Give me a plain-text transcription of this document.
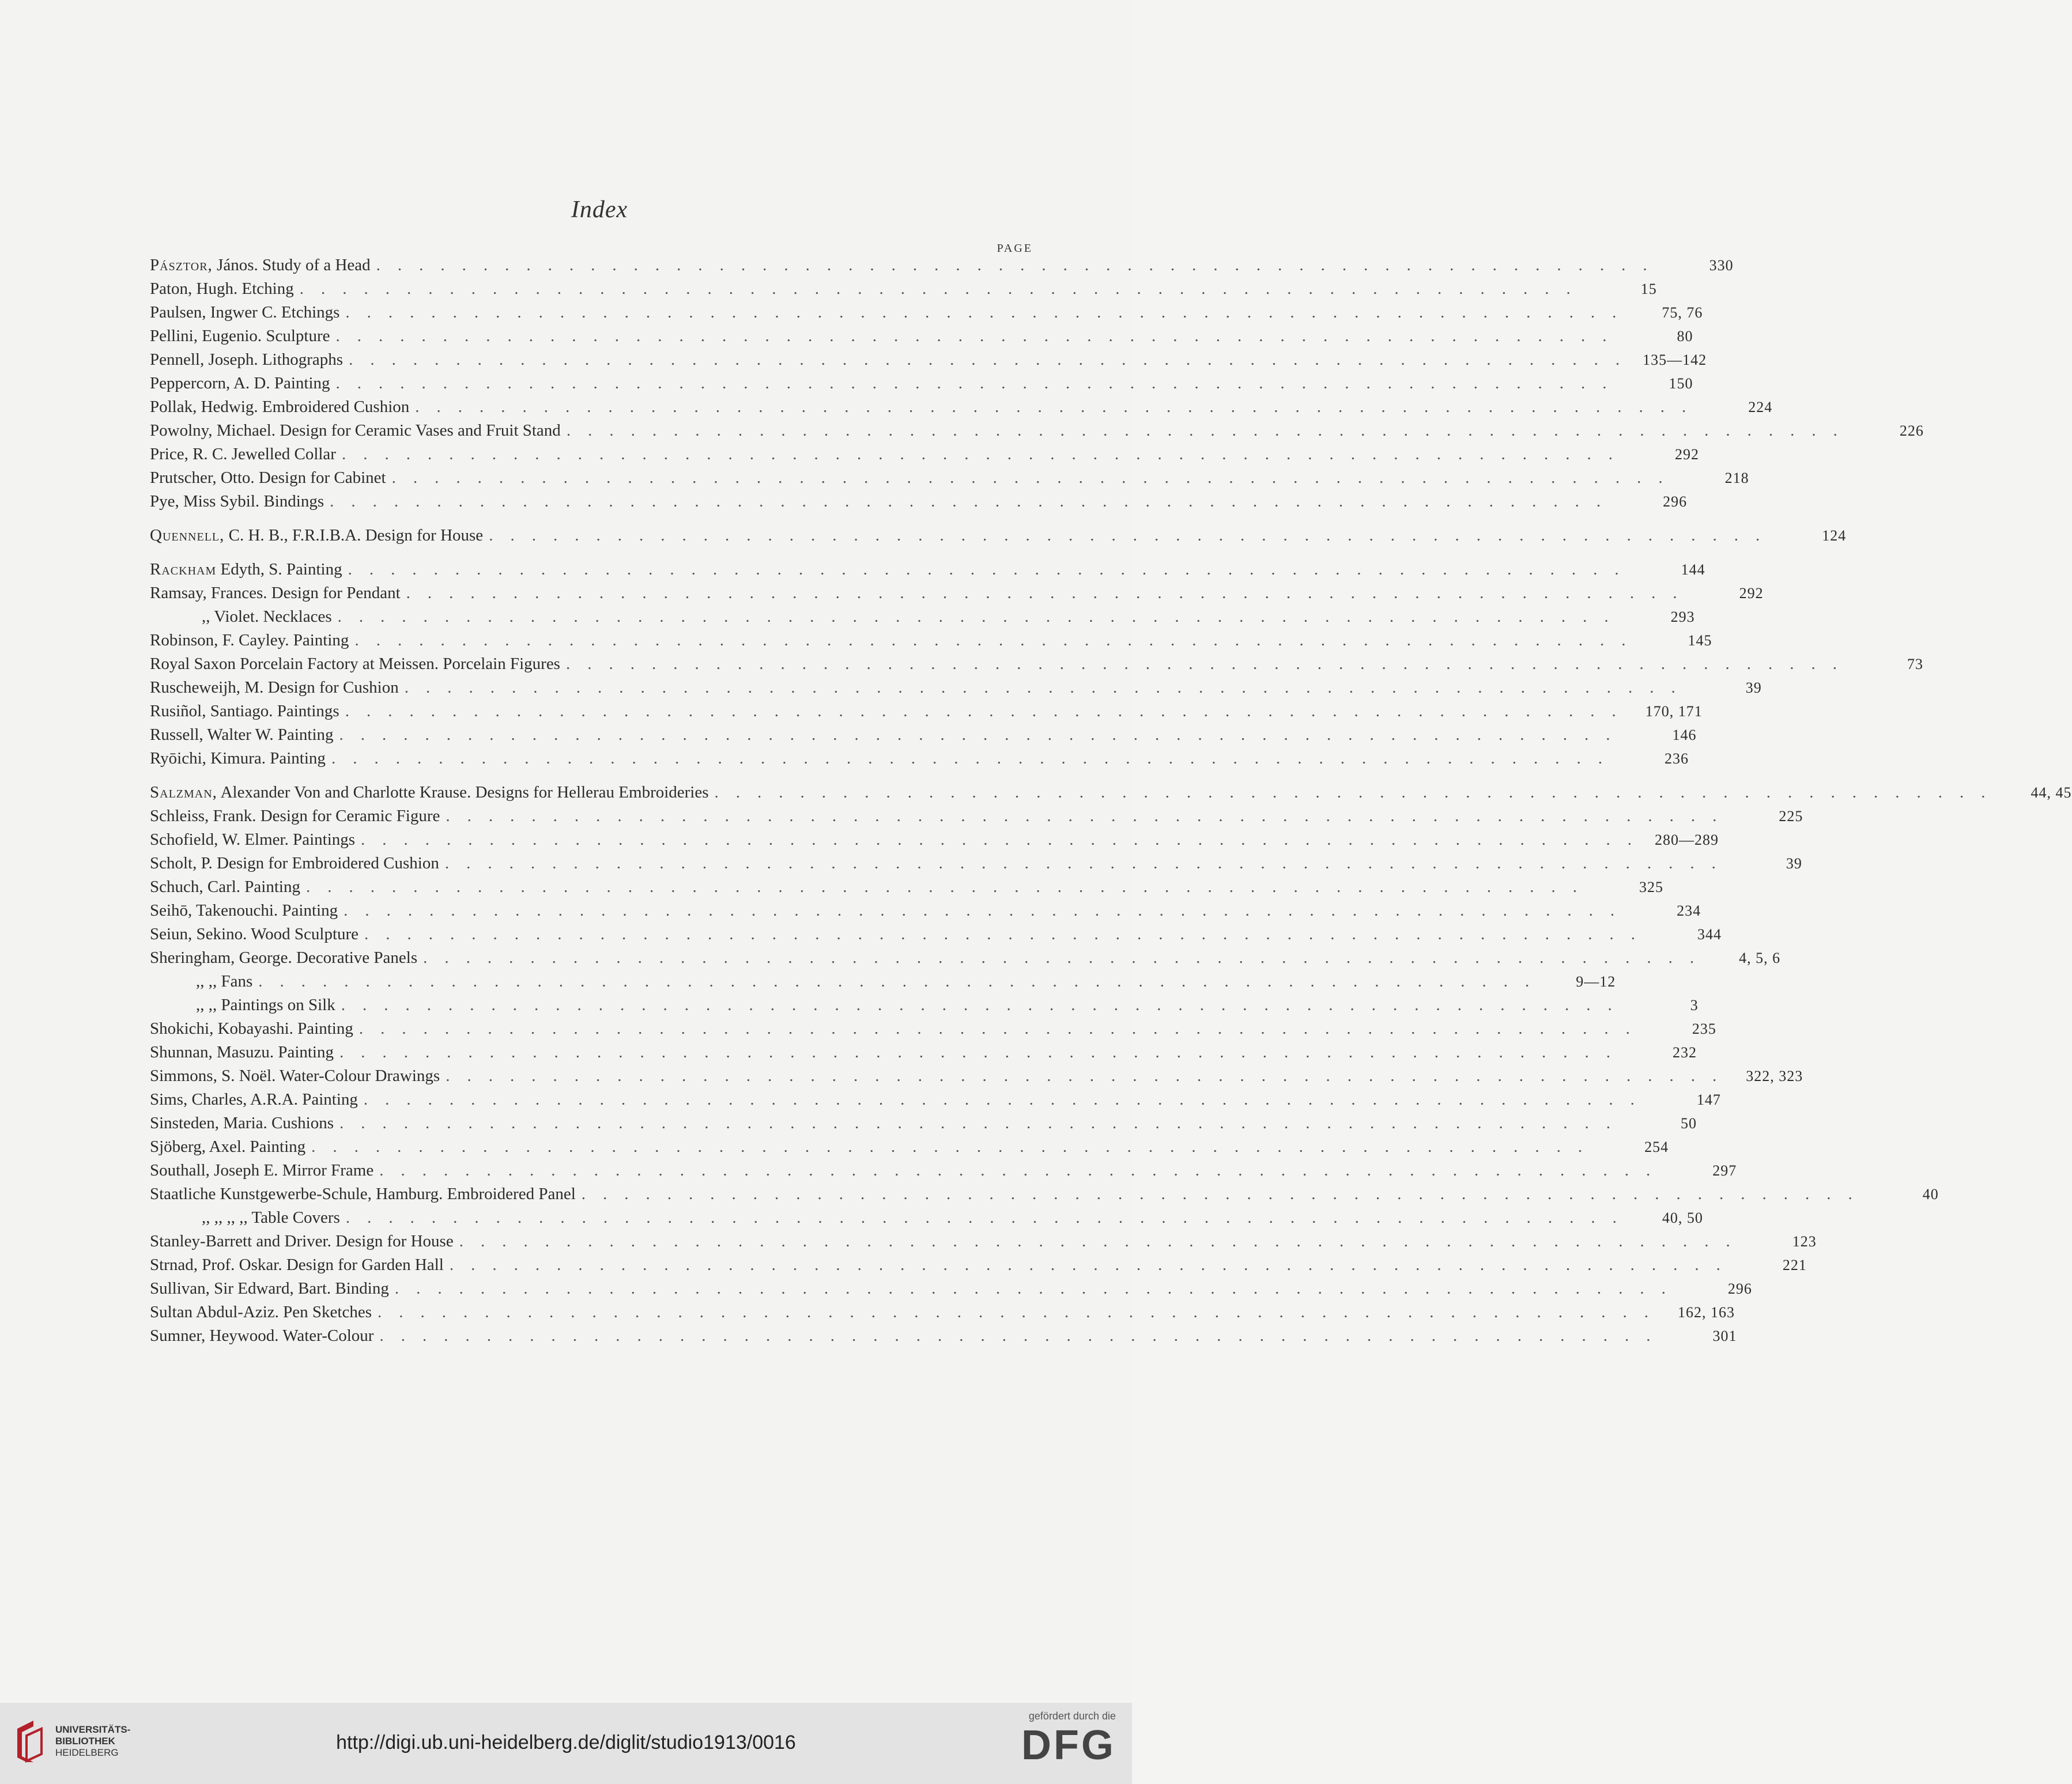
Index
PAGE
Pásztor, János. Study of a Head ............................................................	330
Paton, Hugh. Etching ............................................................	15
Paulsen, Ingwer C. Etchings ............................................................	75, 76
Pellini, Eugenio. Sculpture ............................................................	80
Pennell, Joseph. Lithographs ............................................................ 135—142
Peppercorn, A. D. Painting ............................................................	150
Pollak, Hedwig. Embroidered Cushion ............................................................	224
Powolny, Michael. Design for Ceramic Vases and Fruit Stand ............................................................	226
Price, R. C. Jewelled Collar ............................................................	292
Prutscher, Otto. Design for Cabinet ............................................................	218
Pye, Miss Sybil. Bindings ............................................................	296
Quennell, C. H. B., F.R.I.B.A. Design for House ............................................................	124
Rackham Edyth, S. Painting ............................................................	144
Ramsay, Frances. Design for Pendant ............................................................	292
,, Violet. Necklaces ............................................................	293
Robinson, F. Cayley. Painting ............................................................	145
Royal Saxon Porcelain Factory at Meissen. Porcelain Figures ............................................................	73
Ruscheweijh, M. Design for Cushion ............................................................	39
Rusiñol, Santiago. Paintings ............................................................ 170, 171
Russell, Walter W. Painting ............................................................	146
Ryōichi, Kimura. Painting ............................................................	236
Salzman, Alexander Von and Charlotte Krause. Designs for Hellerau Embroideries ............................................................	44, 45
Schleiss, Frank. Design for Ceramic Figure ............................................................	225
Schofield, W. Elmer. Paintings ............................................................ 280—289
Scholt, P. Design for Embroidered Cushion ............................................................	39
Schuch, Carl. Painting ............................................................	325
Seihō, Takenouchi. Painting ............................................................	234
Seiun, Sekino. Wood Sculpture ............................................................	344
Sheringham, George. Decorative Panels ............................................................	4, 5, 6
,, ,, Fans ............................................................	9—12
,, ,, Paintings on Silk ............................................................	3
Shokichi, Kobayashi. Painting ............................................................	235
Shunnan, Masuzu. Painting ............................................................	232
Simmons, S. Noël. Water-Colour Drawings ............................................................ 322, 323
Sims, Charles, A.R.A. Painting ............................................................	147
Sinsteden, Maria. Cushions ............................................................	50
Sjöberg, Axel. Painting ............................................................	254
Southall, Joseph E. Mirror Frame ............................................................	297
Staatliche Kunstgewerbe-Schule, Hamburg. Embroidered Panel ............................................................	40
,, ,, ,, ,, Table Covers ............................................................	40, 50
Stanley-Barrett and Driver. Design for House ............................................................	123
Strnad, Prof. Oskar. Design for Garden Hall ............................................................	221
Sullivan, Sir Edward, Bart. Binding ............................................................	296
Sultan Abdul-Aziz. Pen Sketches ............................................................ 162, 163
Sumner, Heywood. Water-Colour ............................................................	301
UNIVERSITÄTS-
BIBLIOTHEK
HEIDELBERG	http://digi.ub.uni-heidelberg.de/diglit/studio1913/0016
gefördert durch die
DFG
